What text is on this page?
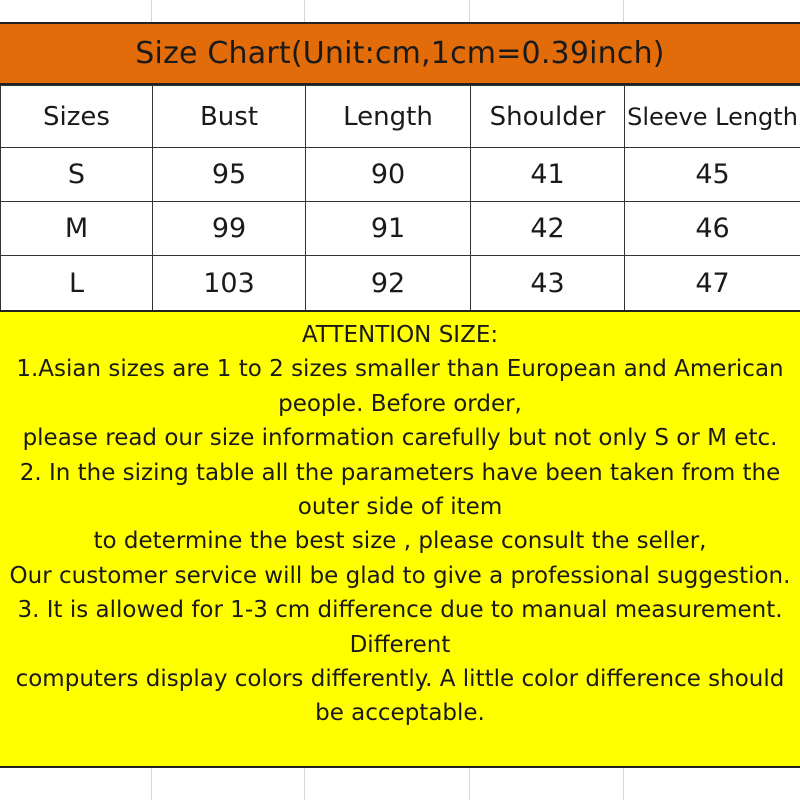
Size Chart(Unit:cm,1cm=0.39inch)
Sizes	Bust	Length	Shoulder	Sleeve Length
S	95	90	41	45
M	99	91	42	46
L	103	92	43	47
ATTENTION SIZE:
1.Asian sizes are 1 to 2 sizes smaller than European and American
people. Before order,
please read our size information carefully but not only S or M etc.
2. In the sizing table all the parameters have been taken from the
outer side of item
to determine the best size , please consult the seller,
Our customer service will be glad to give a professional suggestion.
3. It is allowed for 1-3 cm difference due to manual measurement.
Different
computers display colors differently. A little color difference should
be acceptable.
